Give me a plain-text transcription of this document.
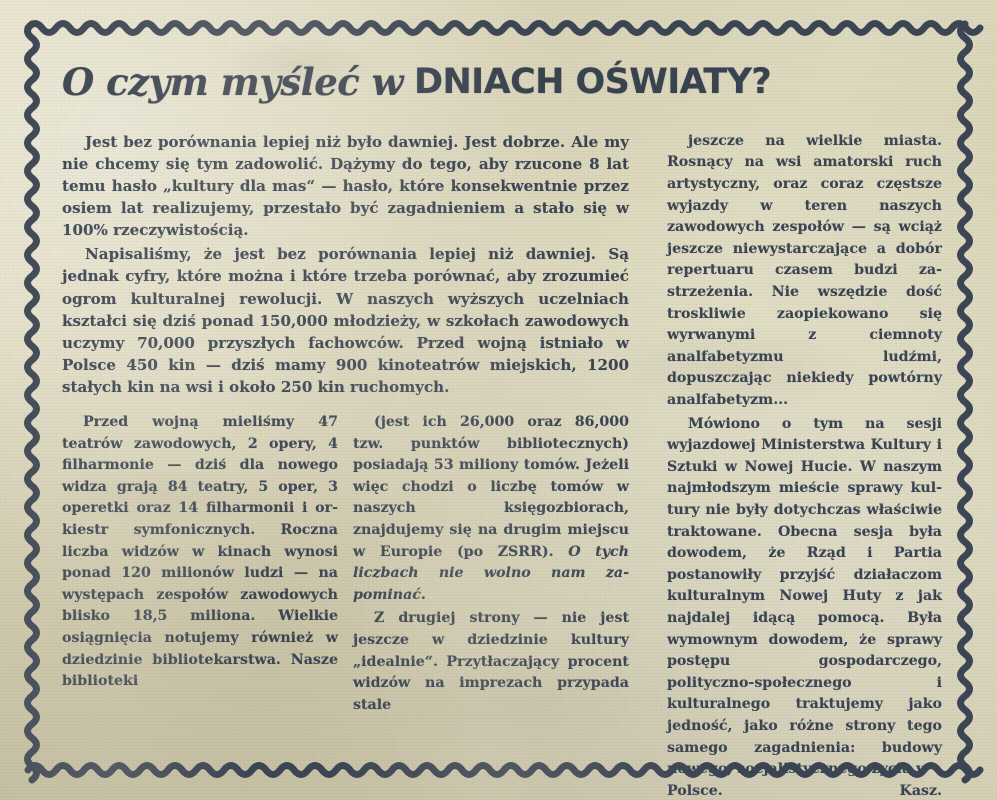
O czym myśleć w DNIACH OŚWIATY?

Jest bez porównania lepiej niż było dawniej. Jest dobrze. Ale my nie chcemy się tym zadowolić. Dążymy do tego, aby rzucone 8 lat temu hasło „kultury dla mas“ — hasło, które konsekwentnie przez osiem lat realizujemy, przestało być zagadnieniem a stało się w 100% rzeczywistością.

Napisaliśmy, że jest bez porównania lepiej niż dawniej. Są jednak cyfry, które można i które trzeba porównać, aby zrozumieć ogrom kulturalnej rewolucji. W naszych wyższych uczelniach kształci się dziś ponad 150,000 młodzieży, w szkołach zawodowych uczymy 70,000 przyszłych fachowców. Przed wojną istniało w Polsce 450 kin — dziś mamy 900 kinoteatrów miejskich, 1200 stałych kin na wsi i około 250 kin ruchomych.

Przed wojną mieliśmy 47 teatrów zawodowych, 2 opery, 4 filharmonie — dziś dla nowego widza grają 84 teatry, 5 oper, 3 operetki oraz 14 filharmonii i orkiestr symfonicznych. Roczna liczba widzów w kinach wynosi ponad 120 milionów ludzi — na występach zespołów zawodowych blisko 18,5 miliona. Wielkie osiągnięcia notujemy również w dziedzinie bibliotekarstwa. Nasze biblioteki

(jest ich 26,000 oraz 86,000 tzw. punktów bibliotecznych) posiadają 53 miliony tomów. Jeżeli więc chodzi o liczbę tomów w naszych księgozbiorach, znajdujemy się na drugim miejscu w Europie (po ZSRR). O tych liczbach nie wolno nam zapominać.

Z drugiej strony — nie jest jeszcze w dziedzinie kultury „idealnie“. Przytłaczający procent widzów na imprezach przypada stale

jeszcze na wielkie miasta. Rosnący na wsi amatorski ruch artystyczny, oraz coraz częstsze wyjazdy w teren naszych zawodowych zespołów — są wciąż jeszcze niewystarczające a dobór repertuaru czasem budzi zastrzeżenia. Nie wszędzie dość troskliwie zaopiekowano się wyrwanymi z ciemnoty analfabetyzmu ludźmi, dopuszczając niekiedy powtórny analfabetyzm...

Mówiono o tym na sesji wyjazdowej Ministerstwa Kultury i Sztuki w Nowej Hucie. W naszym najmłodszym mieście sprawy kultury nie były dotychczas właściwie traktowane. Obecna sesja była dowodem, że Rząd i Partia postanowiły przyjść działaczom kulturalnym Nowej Huty z jak najdalej idącą pomocą. Była wymownym dowodem, że sprawy postępu gospodarczego, polityczno-społecznego i kulturalnego traktujemy jako jedność, jako różne strony tego samego zagadnienia: budowy nowego, socjalistycznego życia w

Polsce.	Kasz.
